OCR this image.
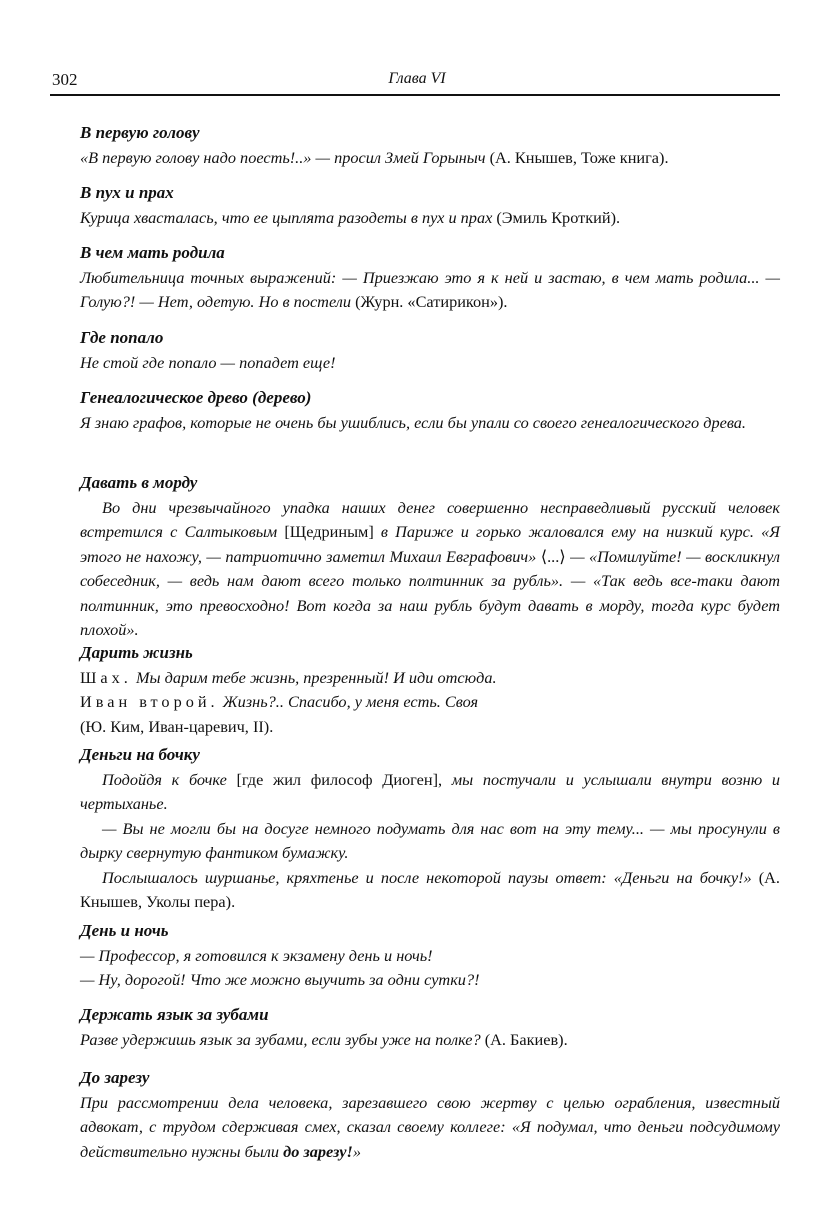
302	Глава VI
В первую голову

«В первую голову надо поесть!..» — просил Змей Горыныч (А. Кнышев, Тоже книга).

В пух и прах

Курица хвасталась, что ее цыплята разодеты в пух и прах (Эмиль Кроткий).

В чем мать родила

Любительница точных выражений: — Приезжаю это я к ней и застаю, в чем мать родила... — Голую?! — Нет, одетую. Но в постели (Журн. «Сатирикон»).

Где попало

Не стой где попало — попадет еще!

Генеалогическое древо (дерево)

Я знаю графов, которые не очень бы ушиблись, если бы упали со своего генеалогического древа.

Давать в морду

Во дни чрезвычайного упадка наших денег совершенно несправедливый русский человек встретился с Салтыковым [Щедриным] в Париже и горько жаловался ему на низкий курс. «Я этого не нахожу, — патриотично заметил Михаил Евграфович» ⟨...⟩ — «Помилуйте! — воскликнул собеседник, — ведь нам дают всего только полтинник за рубль». — «Так ведь все-таки дают полтинник, это превосходно! Вот когда за наш рубль будут давать в морду, тогда курс будет плохой».

Дарить жизнь

Шах. Мы дарим тебе жизнь, презренный! И иди отсюда.

Иван второй. Жизнь?.. Спасибо, у меня есть. Своя

(Ю. Ким, Иван-царевич, II).

Деньги на бочку

Подойдя к бочке [где жил философ Диоген], мы постучали и услышали внутри возню и чертыханье.

— Вы не могли бы на досуге немного подумать для нас вот на эту тему... — мы просунули в дырку свернутую фантиком бумажку.

Послышалось шуршанье, кряхтенье и после некоторой паузы ответ: «Деньги на бочку!» (А. Кнышев, Уколы пера).

День и ночь

— Профессор, я готовился к экзамену день и ночь!

— Ну, дорогой! Что же можно выучить за одни сутки?!

Держать язык за зубами

Разве удержишь язык за зубами, если зубы уже на полке? (А. Бакиев).

До зарезу

При рассмотрении дела человека, зарезавшего свою жертву с целью ограбления, известный адвокат, с трудом сдерживая смех, сказал своему коллеге: «Я подумал, что деньги подсудимому действительно нужны были до зарезу!»
